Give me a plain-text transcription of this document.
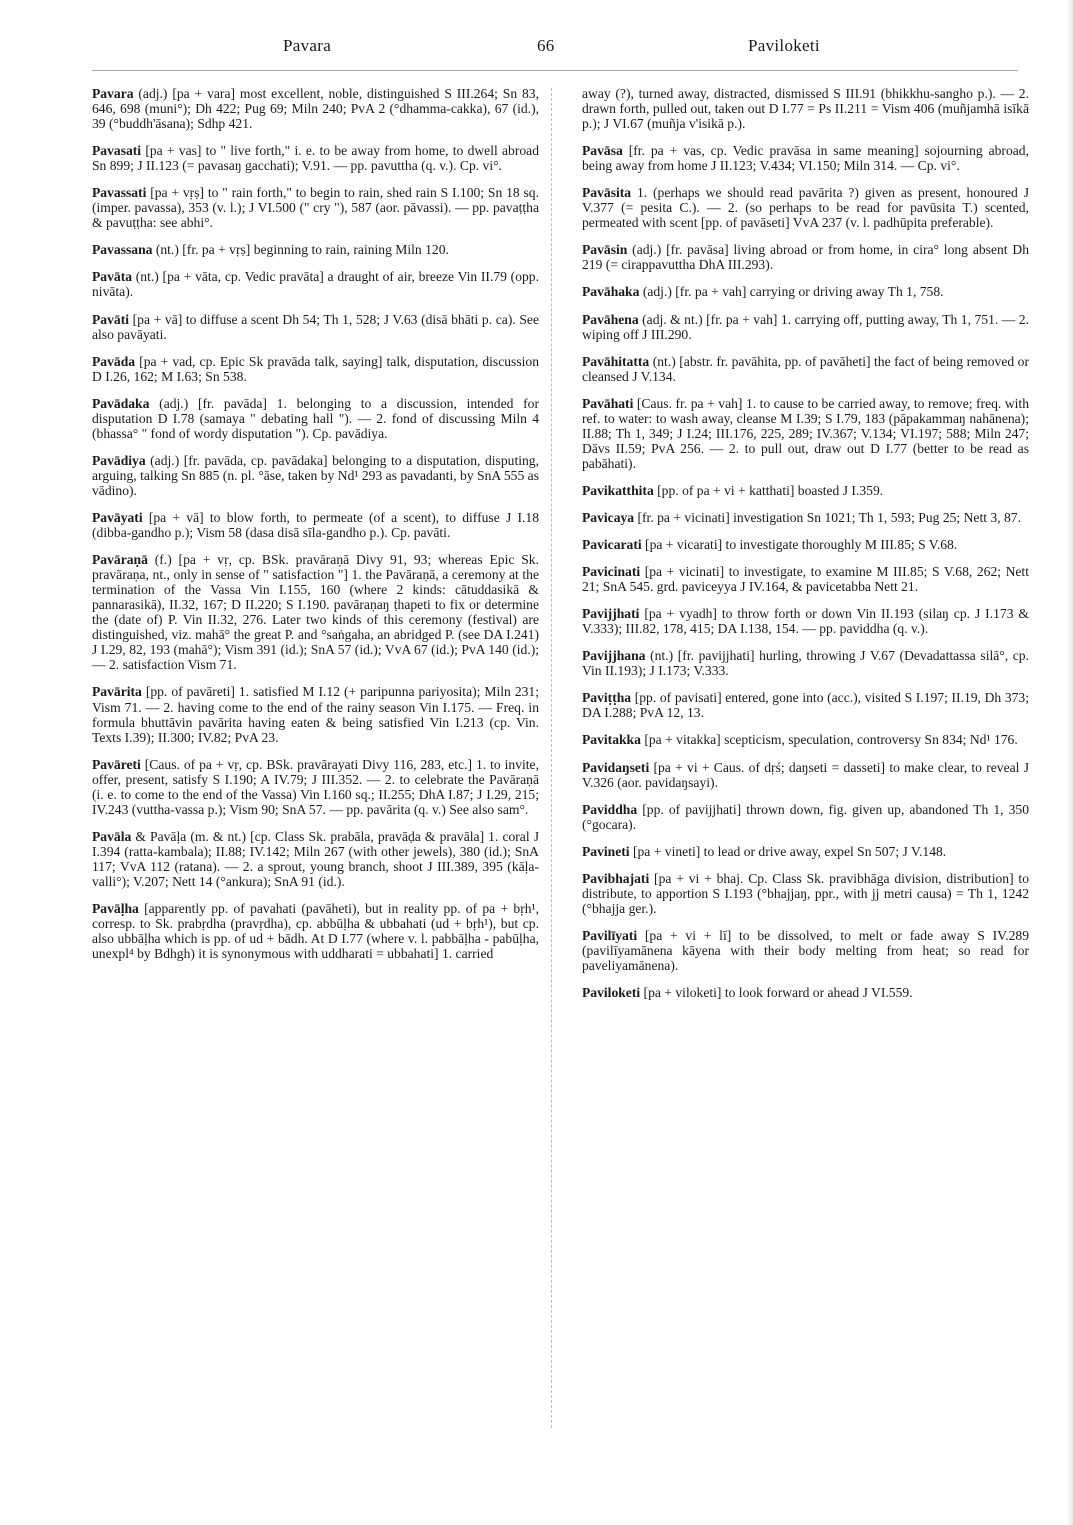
Pavara	66	Paviloketi

Pavara (adj.) [pa + vara] most excellent, noble, distinguished S III.264; Sn 83, 646, 698 (muni°); Dh 422; Pug 69; Miln 240; PvA 2 (°dhamma-cakka), 67 (id.), 39 (°buddh'āsana); Sdhp 421.

Pavasati [pa + vas] to " live forth," i. e. to be away from home, to dwell abroad Sn 899; J II.123 (= pavasaŋ gacchati); V.91. — pp. pavuttha (q. v.). Cp. vi°.

Pavassati [pa + vṛṣ] to " rain forth," to begin to rain, shed rain S I.100; Sn 18 sq. (imper. pavassa), 353 (v. l.); J VI.500 (" cry "), 587 (aor. pāvassi). — pp. pavaṭṭha & pavuṭṭha: see abhi°.

Pavassana (nt.) [fr. pa + vṛṣ] beginning to rain, raining Miln 120.

Pavāta (nt.) [pa + vāta, cp. Vedic pravāta] a draught of air, breeze Vin II.79 (opp. nivāta).

Pavāti [pa + vā] to diffuse a scent Dh 54; Th 1, 528; J V.63 (disā bhāti p. ca). See also pavāyati.

Pavāda [pa + vad, cp. Epic Sk pravāda talk, saying] talk, disputation, discussion D I.26, 162; M I.63; Sn 538.

Pavādaka (adj.) [fr. pavāda] 1. belonging to a discussion, intended for disputation D I.78 (samaya " debating hall "). — 2. fond of discussing Miln 4 (bhassa° " fond of wordy disputation "). Cp. pavādiya.

Pavādiya (adj.) [fr. pavāda, cp. pavādaka] belonging to a disputation, disputing, arguing, talking Sn 885 (n. pl. °āse, taken by Nd¹ 293 as pavadanti, by SnA 555 as vādino).

Pavāyati [pa + vā] to blow forth, to permeate (of a scent), to diffuse J I.18 (dibba-gandho p.); Vism 58 (dasa disā sīla-gandho p.). Cp. pavāti.

Pavāraṇā (f.) [pa + vṛ, cp. BSk. pravāraṇā Divy 91, 93; whereas Epic Sk. pravāraṇa, nt., only in sense of " satisfaction "] 1. the Pavāraṇā, a ceremony at the termination of the Vassa Vin I.155, 160 (where 2 kinds: cātuddasikā & pannarasikā), II.32, 167; D II.220; S I.190. pavāraṇaŋ ṭhapeti to fix or determine the (date of) P. Vin II.32, 276. Later two kinds of this ceremony (festival) are distinguished, viz. mahā° the great P. and °saṅgaha, an abridged P. (see DA I.241) J I.29, 82, 193 (mahā°); Vism 391 (id.); SnA 57 (id.); VvA 67 (id.); PvA 140 (id.); — 2. satisfaction Vism 71.

Pavārita [pp. of pavāreti] 1. satisfied M I.12 (+ paripunna pariyosita); Miln 231; Vism 71. — 2. having come to the end of the rainy season Vin I.175. — Freq. in formula bhuttāvin pavārita having eaten & being satisfied Vin I.213 (cp. Vin. Texts I.39); II.300; IV.82; PvA 23.

Pavāreti [Caus. of pa + vṛ, cp. BSk. pravārayati Divy 116, 283, etc.] 1. to invite, offer, present, satisfy S I.190; A IV.79; J III.352. — 2. to celebrate the Pavāraṇā (i. e. to come to the end of the Vassa) Vin I.160 sq.; II.255; DhA I.87; J I.29, 215; IV.243 (vuttha-vassa p.); Vism 90; SnA 57. — pp. pavārita (q. v.) See also sam°.

Pavāla & Pavāḷa (m. & nt.) [cp. Class Sk. prabāla, pravāḍa & pravāla] 1. coral J I.394 (ratta-kambala); II.88; IV.142; Miln 267 (with other jewels), 380 (id.); SnA 117; VvA 112 (ratana). — 2. a sprout, young branch, shoot J III.389, 395 (kāḷa-valli°); V.207; Nett 14 (°ankura); SnA 91 (id.).

Pavāḷha [apparently pp. of pavahati (pavāheti), but in reality pp. of pa + bṛh¹, corresp. to Sk. prabṛdha (pravṛdha), cp. abbūḷha & ubbahati (ud + bṛh¹), but cp. also ubbāḷha which is pp. of ud + bādh. At D I.77 (where v. l. pabbāḷha - pabūḷha, unexpl⁴ by Bdhgh) it is synonymous with uddharati = ubbahati] 1. carried

away (?), turned away, distracted, dismissed S III.91 (bhikkhu-sangho p.). — 2. drawn forth, pulled out, taken out D I.77 = Ps II.211 = Vism 406 (muñjamhā isīkā p.); J VI.67 (muñja v'isikā p.).

Pavāsa [fr. pa + vas, cp. Vedic pravāsa in same meaning] sojourning abroad, being away from home J II.123; V.434; VI.150; Miln 314. — Cp. vi°.

Pavāsita 1. (perhaps we should read pavārita ?) given as present, honoured J V.377 (= pesita C.). — 2. (so perhaps to be read for pavūsita T.) scented, permeated with scent [pp. of pavāseti] VvA 237 (v. l. padhūpita preferable).

Pavāsin (adj.) [fr. pavāsa] living abroad or from home, in cira° long absent Dh 219 (= cirappavuttha DhA III.293).

Pavāhaka (adj.) [fr. pa + vah] carrying or driving away Th 1, 758.

Pavāhena (adj. & nt.) [fr. pa + vah] 1. carrying off, putting away, Th 1, 751. — 2. wiping off J III.290.

Pavāhitatta (nt.) [abstr. fr. pavāhita, pp. of pavāheti] the fact of being removed or cleansed J V.134.

Pavāhati [Caus. fr. pa + vah] 1. to cause to be carried away, to remove; freq. with ref. to water: to wash away, cleanse M I.39; S I.79, 183 (pāpakammaŋ nahānena); II.88; Th 1, 349; J I.24; III.176, 225, 289; IV.367; V.134; VI.197; 588; Miln 247; Dāvs II.59; PvA 256. — 2. to pull out, draw out D I.77 (better to be read as pabāhati).

Pavikatthita [pp. of pa + vi + katthati] boasted J I.359.

Pavicaya [fr. pa + vicinati] investigation Sn 1021; Th 1, 593; Pug 25; Nett 3, 87.

Pavicarati [pa + vicarati] to investigate thoroughly M III.85; S V.68.

Pavicinati [pa + vicinati] to investigate, to examine M III.85; S V.68, 262; Nett 21; SnA 545. grd. paviceyya J IV.164, & pavicetabba Nett 21.

Pavijjhati [pa + vyadh] to throw forth or down Vin II.193 (silaŋ cp. J I.173 & V.333); III.82, 178, 415; DA I.138, 154. — pp. paviddha (q. v.).

Pavijjhana (nt.) [fr. pavijjhati] hurling, throwing J V.67 (Devadattassa silā°, cp. Vin II.193); J I.173; V.333.

Paviṭṭha [pp. of pavisati] entered, gone into (acc.), visited S I.197; II.19, Dh 373; DA I.288; PvA 12, 13.

Pavitakka [pa + vitakka] scepticism, speculation, controversy Sn 834; Nd¹ 176.

Pavidaŋseti [pa + vi + Caus. of dṛś; daŋseti = dasseti] to make clear, to reveal J V.326 (aor. pavidaŋsayi).

Paviddha [pp. of pavijjhati] thrown down, fig. given up, abandoned Th 1, 350 (°gocara).

Pavineti [pa + vineti] to lead or drive away, expel Sn 507; J V.148.

Pavibhajati [pa + vi + bhaj. Cp. Class Sk. pravibhāga division, distribution] to distribute, to apportion S I.193 (°bhajjaŋ, ppr., with jj metri causa) = Th 1, 1242 (°bhajja ger.).

Pavilīyati [pa + vi + lī] to be dissolved, to melt or fade away S IV.289 (pavilīyamānena kāyena with their body melting from heat; so read for paveliyamānena).

Paviloketi [pa + viloketi] to look forward or ahead J VI.559.
